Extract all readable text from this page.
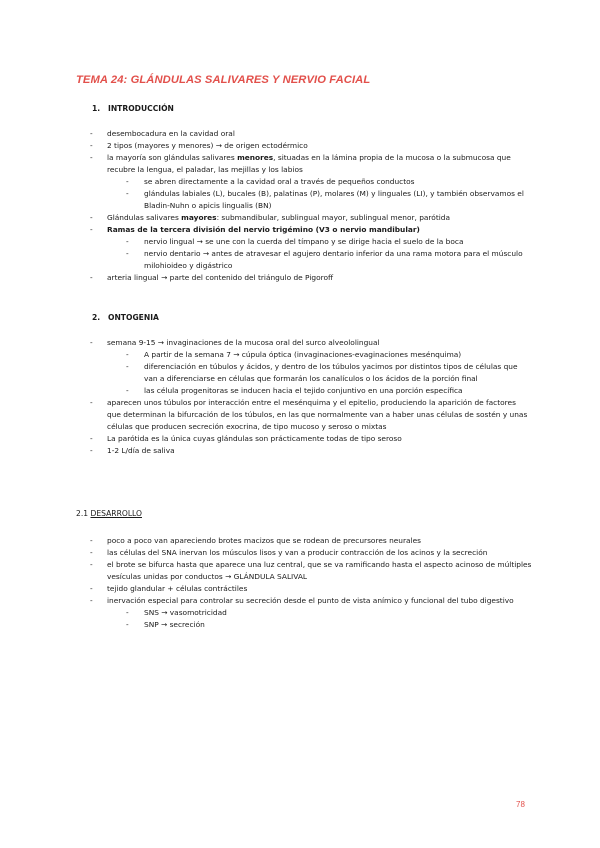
TEMA 24: GLÁNDULAS SALIVARES Y NERVIO FACIAL
1. INTRODUCCIÓN
- desembocadura en la cavidad oral
- 2 tipos (mayores y menores) → de origen ectodérmico
- la mayoría son glándulas salivares menores, situadas en la lámina propia de la mucosa o la submucosa que recubre la lengua, el paladar, las mejillas y los labios
- se abren directamente a la cavidad oral a través de pequeños conductos
- glándulas labiales (L), bucales (B), palatinas (P), molares (M) y linguales (LI), y también observamos el Bladin-Nuhn o apicis lingualis (BN)
- Glándulas salivares mayores: submandibular, sublingual mayor, sublingual menor, parótida
- Ramas de la tercera división del nervio trigémino (V3 o nervio mandibular)
- nervio lingual → se une con la cuerda del tímpano y se dirige hacia el suelo de la boca
- nervio dentario → antes de atravesar el agujero dentario inferior da una rama motora para el músculo milohioideo y digástrico
- arteria lingual → parte del contenido del triángulo de Pigoroff
2. ONTOGENIA
- semana 9-15 → invaginaciones de la mucosa oral del surco alveololingual
- A partir de la semana 7 → cúpula óptica (invaginaciones-evaginaciones mesénquima)
- diferenciación en túbulos y ácidos, y dentro de los túbulos yacimos por distintos tipos de células que van a diferenciarse en células que formarán los canalículos o los ácidos de la porción final
- las célula progenitoras se inducen hacia el tejido conjuntivo en una porción específica
- aparecen unos túbulos por interacción entre el mesénquima y el epitelio, produciendo la aparición de factores que determinan la bifurcación de los túbulos, en las que normalmente van a haber unas células de sostén y unas células que producen secreción exocrina, de tipo mucoso y seroso o mixtas
- La parótida es la única cuyas glándulas son prácticamente todas de tipo seroso
- 1-2 L/día de saliva
2.1 DESARROLLO
- poco a poco van apareciendo brotes macizos que se rodean de precursores neurales
- las células del SNA inervan los músculos lisos y van a producir contracción de los acinos y la secreción
- el brote se bifurca hasta que aparece una luz central, que se va ramificando hasta el aspecto acinoso de múltiples vesículas unidas por conductos → GLÁNDULA SALIVAL
- tejido glandular + células contráctiles
- inervación especial para controlar su secreción desde el punto de vista anímico y funcional del tubo digestivo
- SNS → vasomotricidad
- SNP → secreción
78
